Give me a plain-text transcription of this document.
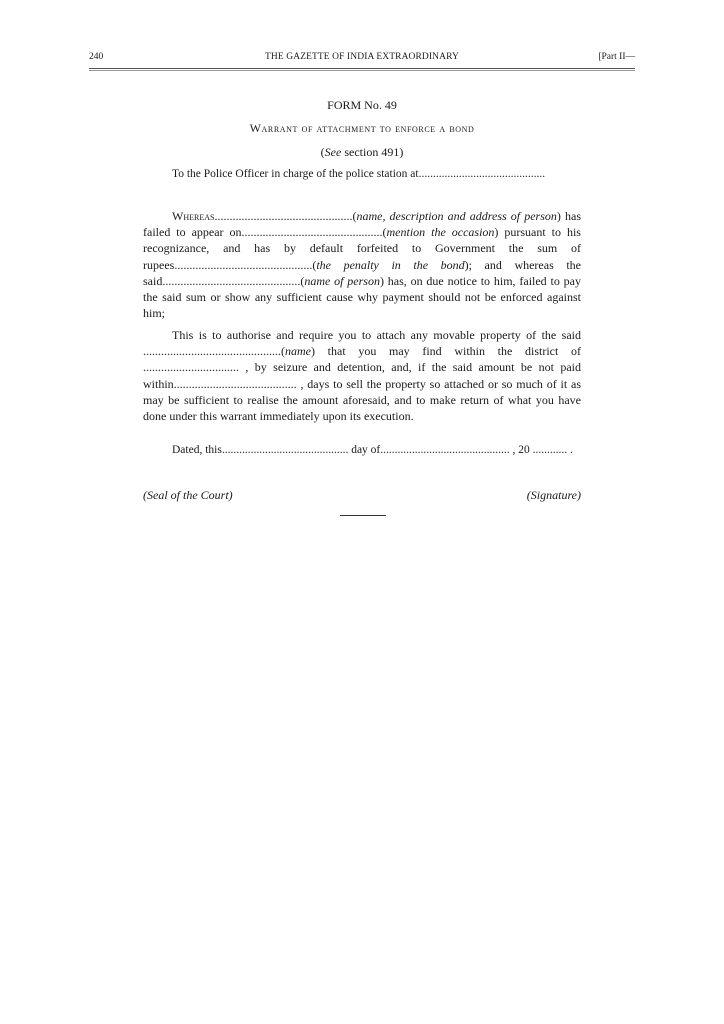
240	THE GAZETTE OF INDIA EXTRAORDINARY	[Part II—
FORM No. 49
Warrant of attachment to enforce a bond
(See section 491)
To the Police Officer in charge of the police station at............................................

Whereas..............................................(name, description and address of person) has failed to appear on...............................................(mention the occasion) pursuant to his recognizance, and has by default forfeited to Government the sum of rupees..............................................(the penalty in the bond); and whereas the said..............................................(name of person) has, on due notice to him, failed to pay the said sum or show any sufficient cause why payment should not be enforced against him;

This is to authorise and require you to attach any movable property of the said ..............................................(name) that you may find within the district of ................................ , by seizure and detention, and, if the said amount be not paid within......................................... , days to sell the property so attached or so much of it as may be sufficient to realise the amount aforesaid, and to make return of what you have done under this warrant immediately upon its execution.

Dated, this............................................ day of............................................. , 20 ............ .
(Seal of the Court)	(Signature)
